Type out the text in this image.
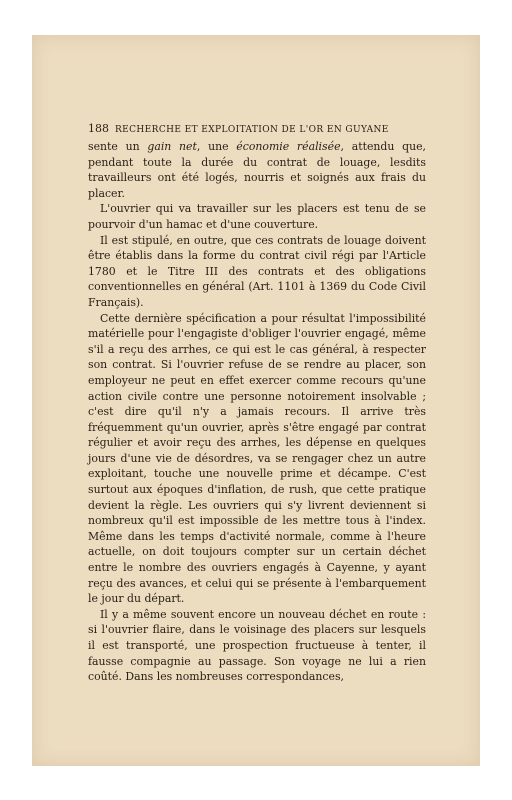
188 RECHERCHE ET EXPLOITATION DE L'OR EN GUYANE

sente un gain net, une économie réalisée, attendu que, pendant toute la durée du contrat de louage, lesdits travailleurs ont été logés, nourris et soignés aux frais du placer.

L'ouvrier qui va travailler sur les placers est tenu de se pourvoir d'un hamac et d'une couverture.

Il est stipulé, en outre, que ces contrats de louage doivent être établis dans la forme du contrat civil régi par l'Article 1780 et le Titre III des contrats et des obligations conventionnelles en général (Art. 1101 à 1369 du Code Civil Français).

Cette dernière spécification a pour résultat l'impossibilité matérielle pour l'engagiste d'obliger l'ouvrier engagé, même s'il a reçu des arrhes, ce qui est le cas général, à respecter son contrat. Si l'ouvrier refuse de se rendre au placer, son employeur ne peut en effet exercer comme recours qu'une action civile contre une personne notoirement insolvable ; c'est dire qu'il n'y a jamais recours. Il arrive très fréquemment qu'un ouvrier, après s'être engagé par contrat régulier et avoir reçu des arrhes, les dépense en quelques jours d'une vie de désordres, va se rengager chez un autre exploitant, touche une nouvelle prime et décampe. C'est surtout aux époques d'inflation, de rush, que cette pratique devient la règle. Les ouvriers qui s'y livrent deviennent si nombreux qu'il est impossible de les mettre tous à l'index. Même dans les temps d'activité normale, comme à l'heure actuelle, on doit toujours compter sur un certain déchet entre le nombre des ouvriers engagés à Cayenne, y ayant reçu des avances, et celui qui se présente à l'embarquement le jour du départ.

Il y a même souvent encore un nouveau déchet en route : si l'ouvrier flaire, dans le voisinage des placers sur lesquels il est transporté, une prospection fructueuse à tenter, il fausse compagnie au passage. Son voyage ne lui a rien coûté. Dans les nombreuses correspondances,
